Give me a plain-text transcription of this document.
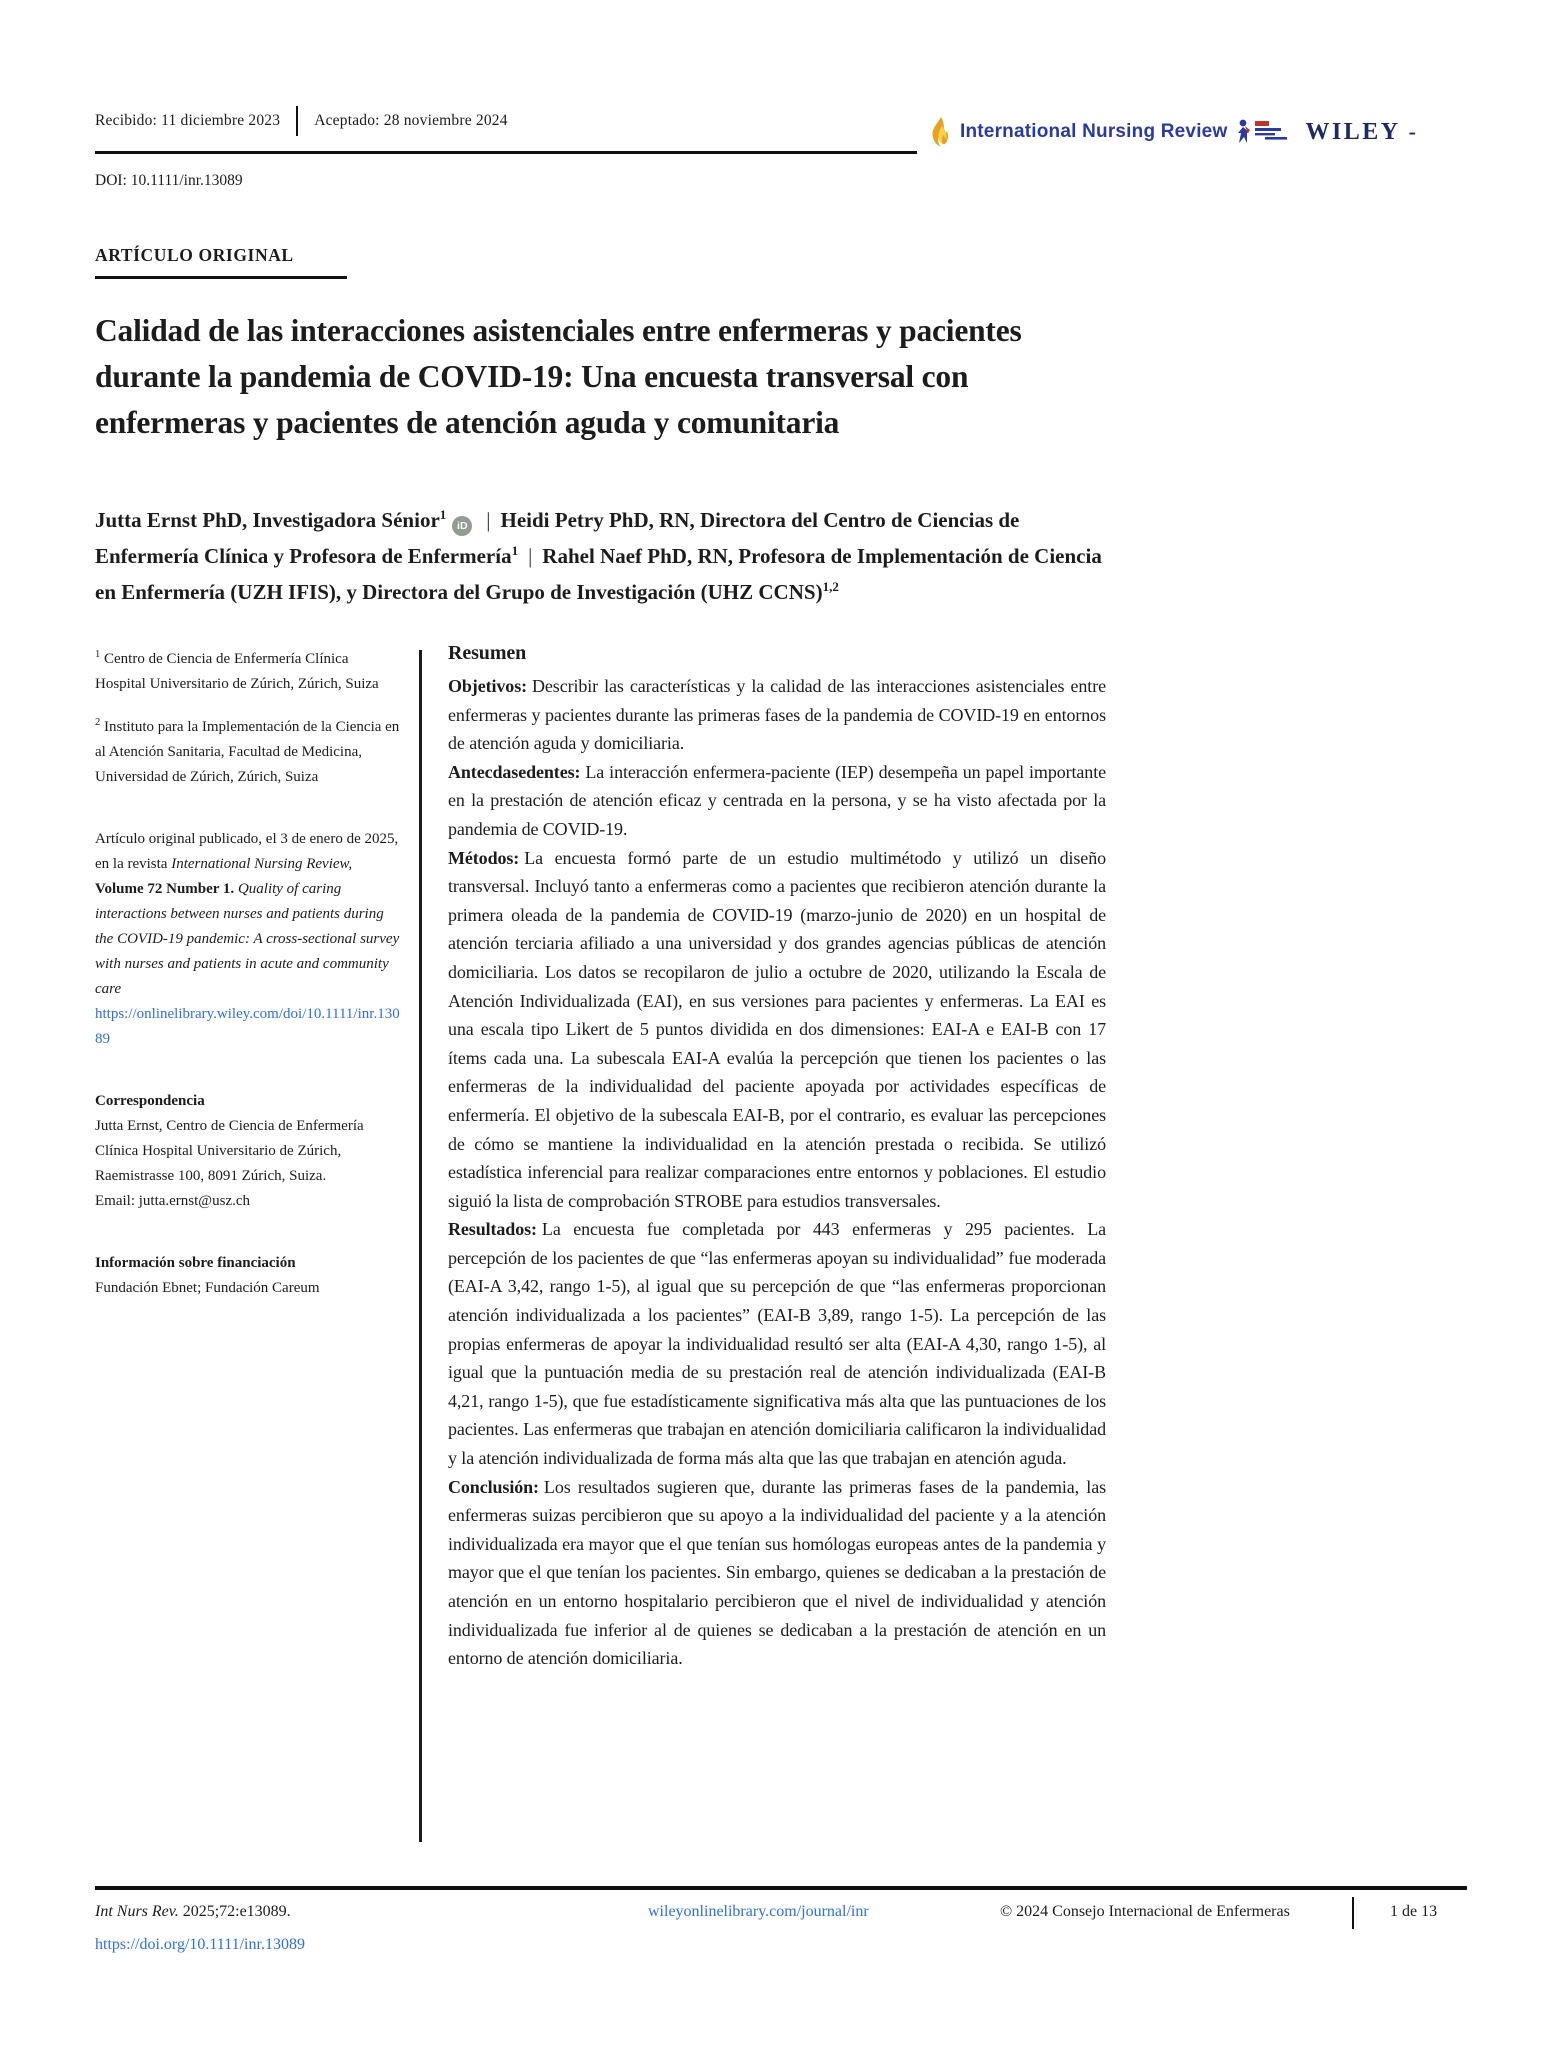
Recibido: 11 diciembre 2023 Aceptado: 28 noviembre 2024
International Nursing Review	WILEY -
DOI: 10.1111/inr.13089
ARTÍCULO ORIGINAL
Calidad de las interacciones asistenciales entre enfermeras y pacientes
durante la pandemia de COVID-19: Una encuesta transversal con
enfermeras y pacientes de atención aguda y comunitaria
Jutta Ernst PhD, Investigadora Sénior$^1$iD | Heidi Petry PhD, RN, Directora del Centro de Ciencias de Enfermería Clínica y Profesora de Enfermería$^1$ | Rahel Naef PhD, RN, Profesora de Implementación de Ciencia en Enfermería (UZH IFIS), y Directora del Grupo de Investigación (UHZ CCNS)$^{1,2}$
$^1$ Centro de Ciencia de Enfermería Clínica Hospital Universitario de Zúrich, Zúrich, Suiza
$^2$ Instituto para la Implementación de la Ciencia en al Atención Sanitaria, Facultad de Medicina, Universidad de Zúrich, Zúrich, Suiza
Artículo original publicado, el 3 de enero de 2025, en la revista International Nursing Review, Volume 72 Number 1. Quality of caring interactions between nurses and patients during the COVID-19 pandemic: A cross-sectional survey with nurses and patients in acute and community care
https://onlinelibrary.wiley.com/doi/10.1111/inr.13089
Correspondencia
Jutta Ernst, Centro de Ciencia de Enfermería Clínica Hospital Universitario de Zúrich, Raemistrasse 100, 8091 Zúrich, Suiza.
Email: jutta.ernst@usz.ch
Información sobre financiación
Fundación Ebnet; Fundación Careum
Resumen

Objetivos: Describir las características y la calidad de las interacciones asistenciales entre enfermeras y pacientes durante las primeras fases de la pandemia de COVID-19 en entornos de atención aguda y domiciliaria.

Antecdasedentes: La interacción enfermera-paciente (IEP) desempeña un papel importante en la prestación de atención eficaz y centrada en la persona, y se ha visto afectada por la pandemia de COVID-19.

Métodos: La encuesta formó parte de un estudio multimétodo y utilizó un diseño transversal. Incluyó tanto a enfermeras como a pacientes que recibieron atención durante la primera oleada de la pandemia de COVID-19 (marzo-junio de 2020) en un hospital de atención terciaria afiliado a una universidad y dos grandes agencias públicas de atención domiciliaria. Los datos se recopilaron de julio a octubre de 2020, utilizando la Escala de Atención Individualizada (EAI), en sus versiones para pacientes y enfermeras. La EAI es una escala tipo Likert de 5 puntos dividida en dos dimensiones: EAI-A e EAI-B con 17 ítems cada una. La subescala EAI-A evalúa la percepción que tienen los pacientes o las enfermeras de la individualidad del paciente apoyada por actividades específicas de enfermería. El objetivo de la subescala EAI-B, por el contrario, es evaluar las percepciones de cómo se mantiene la individualidad en la atención prestada o recibida. Se utilizó estadística inferencial para realizar comparaciones entre entornos y poblaciones. El estudio siguió la lista de comprobación STROBE para estudios transversales.

Resultados: La encuesta fue completada por 443 enfermeras y 295 pacientes. La percepción de los pacientes de que “las enfermeras apoyan su individualidad” fue moderada (EAI-A 3,42, rango 1-5), al igual que su percepción de que “las enfermeras proporcionan atención individualizada a los pacientes” (EAI-B 3,89, rango 1-5). La percepción de las propias enfermeras de apoyar la individualidad resultó ser alta (EAI-A 4,30, rango 1-5), al igual que la puntuación media de su prestación real de atención individualizada (EAI-B 4,21, rango 1-5), que fue estadísticamente significativa más alta que las puntuaciones de los pacientes. Las enfermeras que trabajan en atención domiciliaria calificaron la individualidad y la atención individualizada de forma más alta que las que trabajan en atención aguda.

Conclusión: Los resultados sugieren que, durante las primeras fases de la pandemia, las enfermeras suizas percibieron que su apoyo a la individualidad del paciente y a la atención individualizada era mayor que el que tenían sus homólogas europeas antes de la pandemia y mayor que el que tenían los pacientes. Sin embargo, quienes se dedicaban a la prestación de atención en un entorno hospitalario percibieron que el nivel de individualidad y atención individualizada fue inferior al de quienes se dedicaban a la prestación de atención en un entorno de atención domiciliaria.

Int Nurs Rev. 2025;72:e13089.
https://doi.org/10.1111/inr.13089
wileyonlinelibrary.com/journal/inr	© 2024 Consejo Internacional de Enfermeras	1 de 13
